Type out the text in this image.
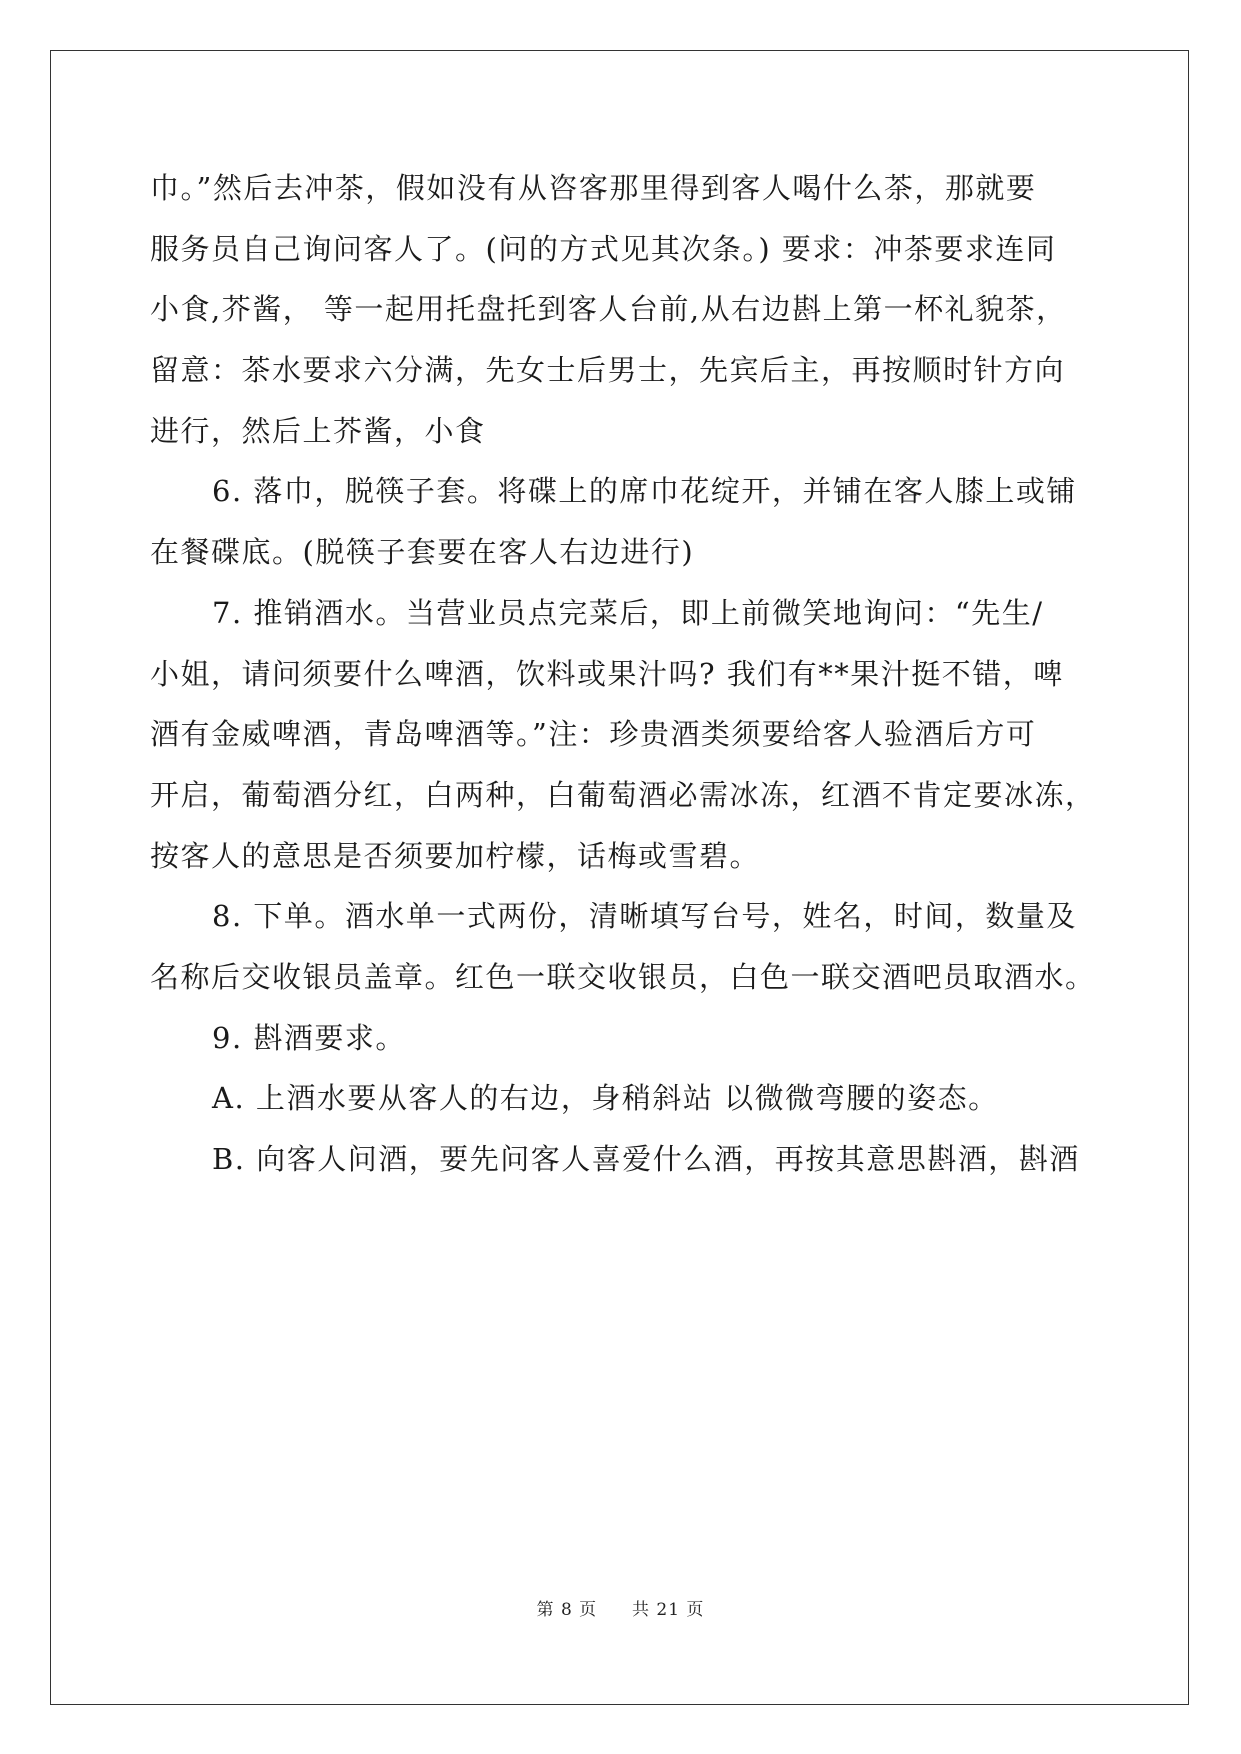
巾。”然后去冲茶，假如没有从咨客那里得到客人喝什么茶，那就要
服务员自己询问客人了。(问的方式见其次条。) 要求：冲茶要求连同
小食,芥酱， 等一起用托盘托到客人台前,从右边斟上第一杯礼貌茶，
留意：茶水要求六分满，先女士后男士，先宾后主，再按顺时针方向
进行，然后上芥酱，小食
6. 落巾，脱筷子套。将碟上的席巾花绽开，并铺在客人膝上或铺
在餐碟底。(脱筷子套要在客人右边进行)
7. 推销酒水。当营业员点完菜后，即上前微笑地询问：“先生/
小姐，请问须要什么啤酒，饮料或果汁吗? 我们有**果汁挺不错，啤
酒有金威啤酒，青岛啤酒等。”注：珍贵酒类须要给客人验酒后方可
开启，葡萄酒分红，白两种，白葡萄酒必需冰冻，红酒不肯定要冰冻，
按客人的意思是否须要加柠檬，话梅或雪碧。
8. 下单。酒水单一式两份，清晰填写台号，姓名，时间，数量及
名称后交收银员盖章。红色一联交收银员，白色一联交酒吧员取酒水。
9. 斟酒要求。
A. 上酒水要从客人的右边，身稍斜站 以微微弯腰的姿态。
B. 向客人问酒，要先问客人喜爱什么酒，再按其意思斟酒，斟酒
第 8 页 共 21 页
